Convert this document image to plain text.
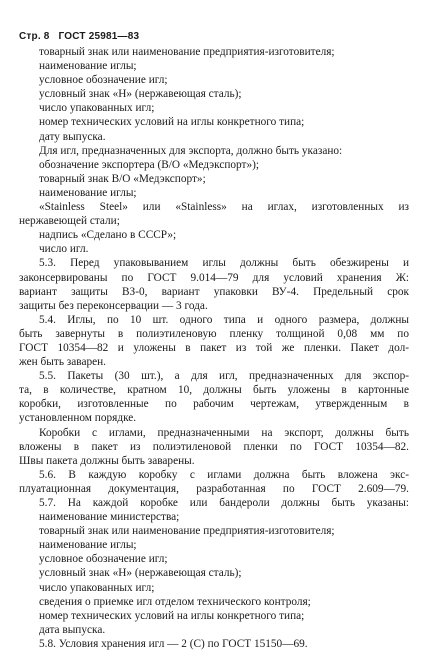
Стр. 8 ГОСТ 25981—83
товарный знак или наименование предприятия-изготовителя;
наименование иглы;
условное обозначение игл;
условный знак «Н» (нержавеющая сталь);
число упакованных игл;
номер технических условий на иглы конкретного типа;
дату выпуска.
Для игл, предназначенных для экспорта, должно быть указано:
обозначение экспортера (В/О «Медэкспорт»);
товарный знак В/О «Медэкспорт»;
наименование иглы;
«Stainless Steel» или «Stainless» на иглах, изготовленных из
нержавеющей стали;
надпись «Сделано в СССР»;
число игл.
5.3. Перед упаковыванием иглы должны быть обезжирены и
законсервированы по ГОСТ 9.014—79 для условий хранения Ж:
вариант защиты ВЗ-0, вариант упаковки ВУ-4. Предельный срок
защиты без переконсервации — 3 года.
5.4. Иглы, по 10 шт. одного типа и одного размера, должны
быть завернуты в полиэтиленовую пленку толщиной 0,08 мм по
ГОСТ 10354—82 и уложены в пакет из той же пленки. Пакет дол-
жен быть заварен.
5.5. Пакеты (30 шт.), а для игл, предназначенных для экспор-
та, в количестве, кратном 10, должны быть уложены в картонные
коробки, изготовленные по рабочим чертежам, утвержденным в
установленном порядке.
Коробки с иглами, предназначенными на экспорт, должны быть
вложены в пакет из полиэтиленовой пленки по ГОСТ 10354—82.
Швы пакета должны быть заварены.
5.6. В каждую коробку с иглами должна быть вложена экс-
плуатационная документация, разработанная по ГОСТ 2.609—79.
5.7. На каждой коробке или бандероли должны быть указаны:
наименование министерства;
товарный знак или наименование предприятия-изготовителя;
наименование иглы;
условное обозначение игл;
условный знак «Н» (нержавеющая сталь);
число упакованных игл;
сведения о приемке игл отделом технического контроля;
номер технических условий на иглы конкретного типа;
дата выпуска.
5.8. Условия хранения игл — 2 (С) по ГОСТ 15150—69.
